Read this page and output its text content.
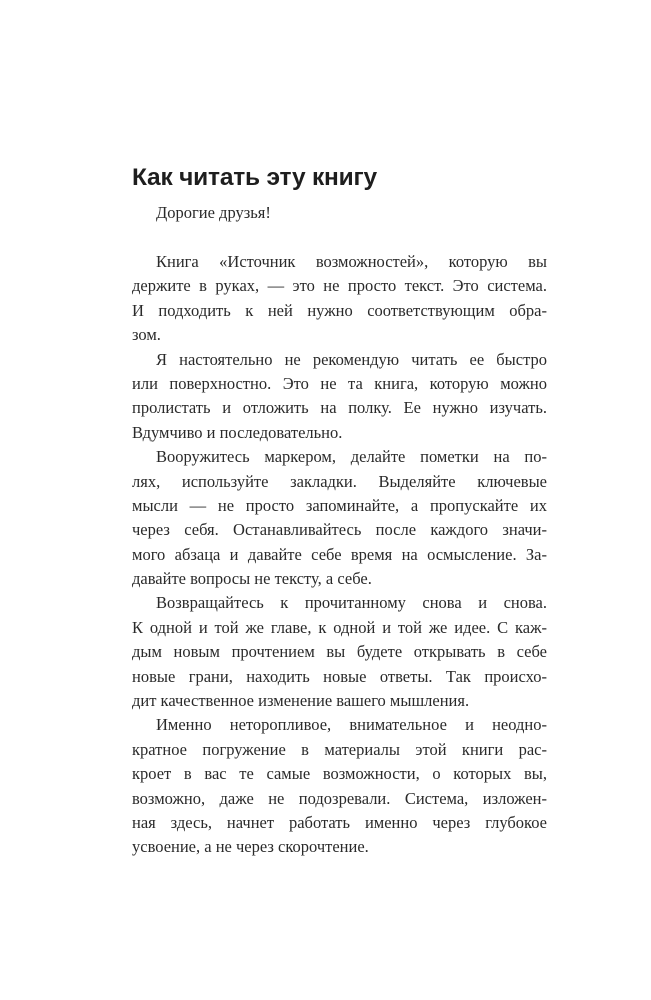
Как читать эту книгу
Дорогие друзья!
Книга «Источник возможностей», которую вы
держите в руках, — это не просто текст. Это система.
И подходить к ней нужно соответствующим обра-
зом.
Я настоятельно не рекомендую читать ее быстро
или поверхностно. Это не та книга, которую можно
пролистать и отложить на полку. Ее нужно изучать.
Вдумчиво и последовательно.
Вооружитесь маркером, делайте пометки на по-
лях, используйте закладки. Выделяйте ключевые
мысли — не просто запоминайте, а пропускайте их
через себя. Останавливайтесь после каждого значи-
мого абзаца и давайте себе время на осмысление. За-
давайте вопросы не тексту, а себе.
Возвращайтесь к прочитанному снова и снова.
К одной и той же главе, к одной и той же идее. С каж-
дым новым прочтением вы будете открывать в себе
новые грани, находить новые ответы. Так происхо-
дит качественное изменение вашего мышления.
Именно неторопливое, внимательное и неодно-
кратное погружение в материалы этой книги рас-
кроет в вас те самые возможности, о которых вы,
возможно, даже не подозревали. Система, изложен-
ная здесь, начнет работать именно через глубокое
усвоение, а не через скорочтение.
